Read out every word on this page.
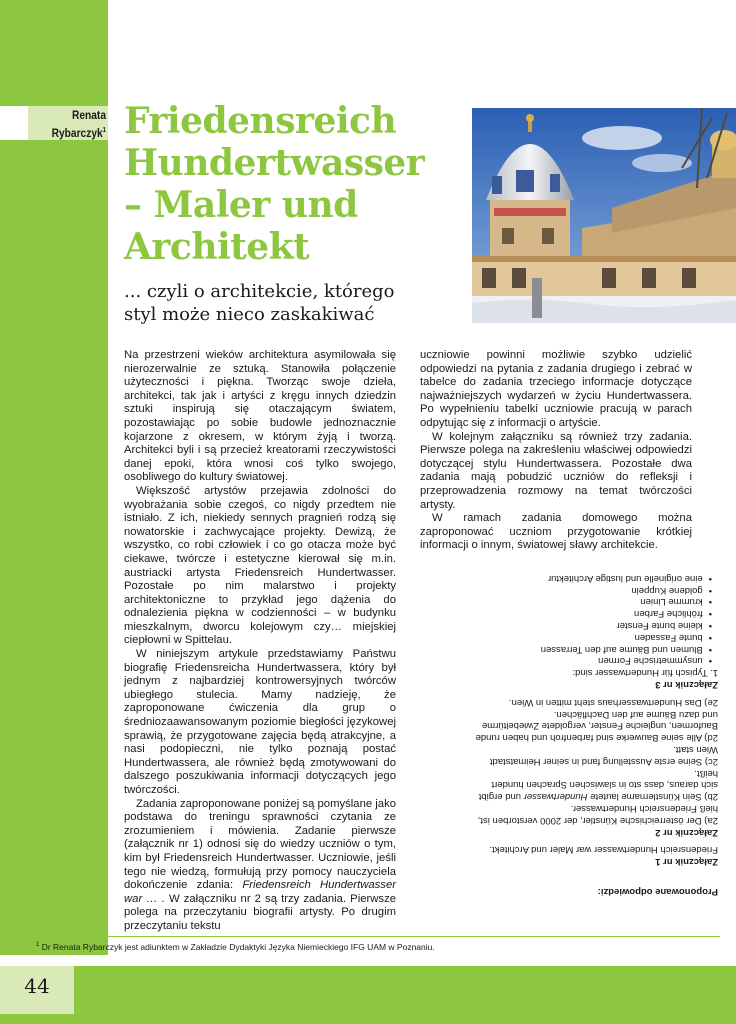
Renata
Rybarczyk$^1$ Friedensreich
Hundertwasser
– Maler und
Architekt
... czyli o architekcie, którego
styl może nieco zaskakiwać

Na przestrzeni wieków architektura asymilowała się nierozerwalnie ze sztuką. Stanowiła połączenie użyteczności i piękna. Tworząc swoje dzieła, architekci, tak jak i artyści z kręgu innych dziedzin sztuki inspirują się otaczającym światem, pozostawiając po sobie budowle jednoznacznie kojarzone z okresem, w którym żyją i tworzą. Architekci byli i są przecież kreatorami rzeczywistości danej epoki, która wnosi coś tylko swojego, osobliwego do kultury światowej.

Większość artystów przejawia zdolności do wyobrażania sobie czegoś, co nigdy przedtem nie istniało. Z ich, niekiedy sennych pragnień rodzą się nowatorskie i zachwycające projekty. Dewizą, że wszystko, co robi człowiek i co go otacza może być ciekawe, twórcze i estetyczne kierował się m.in. austriacki artysta Friedensreich Hundertwasser. Pozostałe po nim malarstwo i projekty architektoniczne to przykład jego dążenia do odnalezienia piękna w codzienności – w budynku mieszkalnym, dworcu kolejowym czy… miejskiej ciepłowni w Spittelau.

W niniejszym artykule przedstawiamy Państwu biografię Friedensreicha Hundertwassera, który był jednym z najbardziej kontrowersyjnych twórców ubiegłego stulecia. Mamy nadzieję, że zaproponowane ćwiczenia dla grup o średniozaawansowanym poziomie biegłości językowej sprawią, że przygotowane zajęcia będą atrakcyjne, a nasi podopieczni, nie tylko poznają postać Hundertwassera, ale również będą zmotywowani do dalszego poszukiwania informacji dotyczących jego twórczości.

Zadania zaproponowane poniżej są pomyślane jako podstawa do treningu sprawności czytania ze zrozumieniem i mówienia. Zadanie pierwsze (załącznik nr 1) odnosi się do wiedzy uczniów o tym, kim był Friedensreich Hundertwasser. Uczniowie, jeśli tego nie wiedzą, formułują przy pomocy nauczyciela dokończenie zdania: Friedensreich Hundertwasser war … . W załączniku nr 2 są trzy zadania. Pierwsze polega na przeczytaniu biografii artysty. Po drugim przeczytaniu tekstu

uczniowie powinni możliwie szybko udzielić odpowiedzi na pytania z zadania drugiego i zebrać w tabelce do zadania trzeciego informacje dotyczące najważniejszych wydarzeń w życiu Hundertwassera. Po wypełnieniu tabelki uczniowie pracują w parach odpytując się z informacji o artyście.

W kolejnym załączniku są również trzy zadania. Pierwsze polega na zakreśleniu właściwej odpowiedzi dotyczącej stylu Hundertwassera. Pozostałe dwa zadania mają pobudzić uczniów do refleksji i przeprowadzenia rozmowy na temat twórczości artysty.

W ramach zadania domowego można zaproponować uczniom przygotowanie krótkiej informacji o innym, światowej sławy architekcie.

Proponowane odpowiedzi:

Załącznik nr 1

Friedensreich Hundertwasser war Maler und Architekt.

Załącznik nr 2

2a) Der österreichische Künstler, der 2000 verstorben ist, hieß Friedensreich Hundertwasser.

2b) Sein Künstlername lautete Hundertwasser und ergibt sich daraus, dass sto in slawischen Sprachen hundert heißt.

2c) Seine erste Ausstellung fand in seiner Heimatstadt Wien statt.

2d) Alle seine Bauwerke sind farbenfroh und haben runde Bauformen, ungleiche Fenster, vergoldete Zwiebeltürme und dazu Bäume auf den Dachflächen.

2e) Das Hundertwasserhaus steht mitten in Wien.

Załącznik nr 3

1. Typisch für Hundertwasser sind:

• unsymmetrische Formen
• Blumen und Bäume auf den Terrassen
• bunte Fassaden
• kleine bunte Fenster
• fröhliche Farben
• krumme Linien
• goldene Kuppeln
• eine originelle und lustige Architektur
$^1$ Dr Renata Rybarczyk jest adiunktem w Zakładzie Dydaktyki Języka Niemieckiego IFG UAM w Poznaniu.
44
